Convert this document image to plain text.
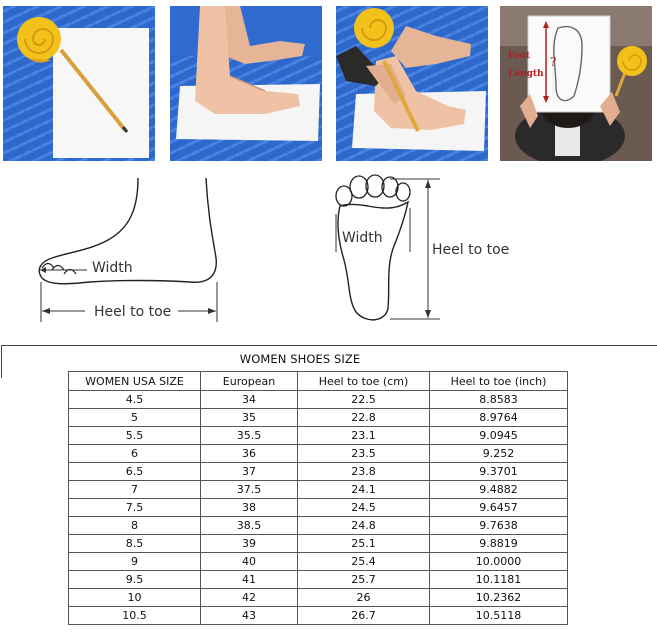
?
Foot
Length
Width
Heel to toe
Width
Heel to toe
WOMEN SHOES SIZE
WOMEN USA SIZE	European	Heel to toe (cm)	Heel to toe (inch)
4.5	34	22.5	8.8583
5	35	22.8	8.9764
5.5	35.5	23.1	9.0945
6	36	23.5	9.252
6.5	37	23.8	9.3701
7	37.5	24.1	9.4882
7.5	38	24.5	9.6457
8	38.5	24.8	9.7638
8.5	39	25.1	9.8819
9	40	25.4	10.0000
9.5	41	25.7	10.1181
10	42	26	10.2362
10.5	43	26.7	10.5118
